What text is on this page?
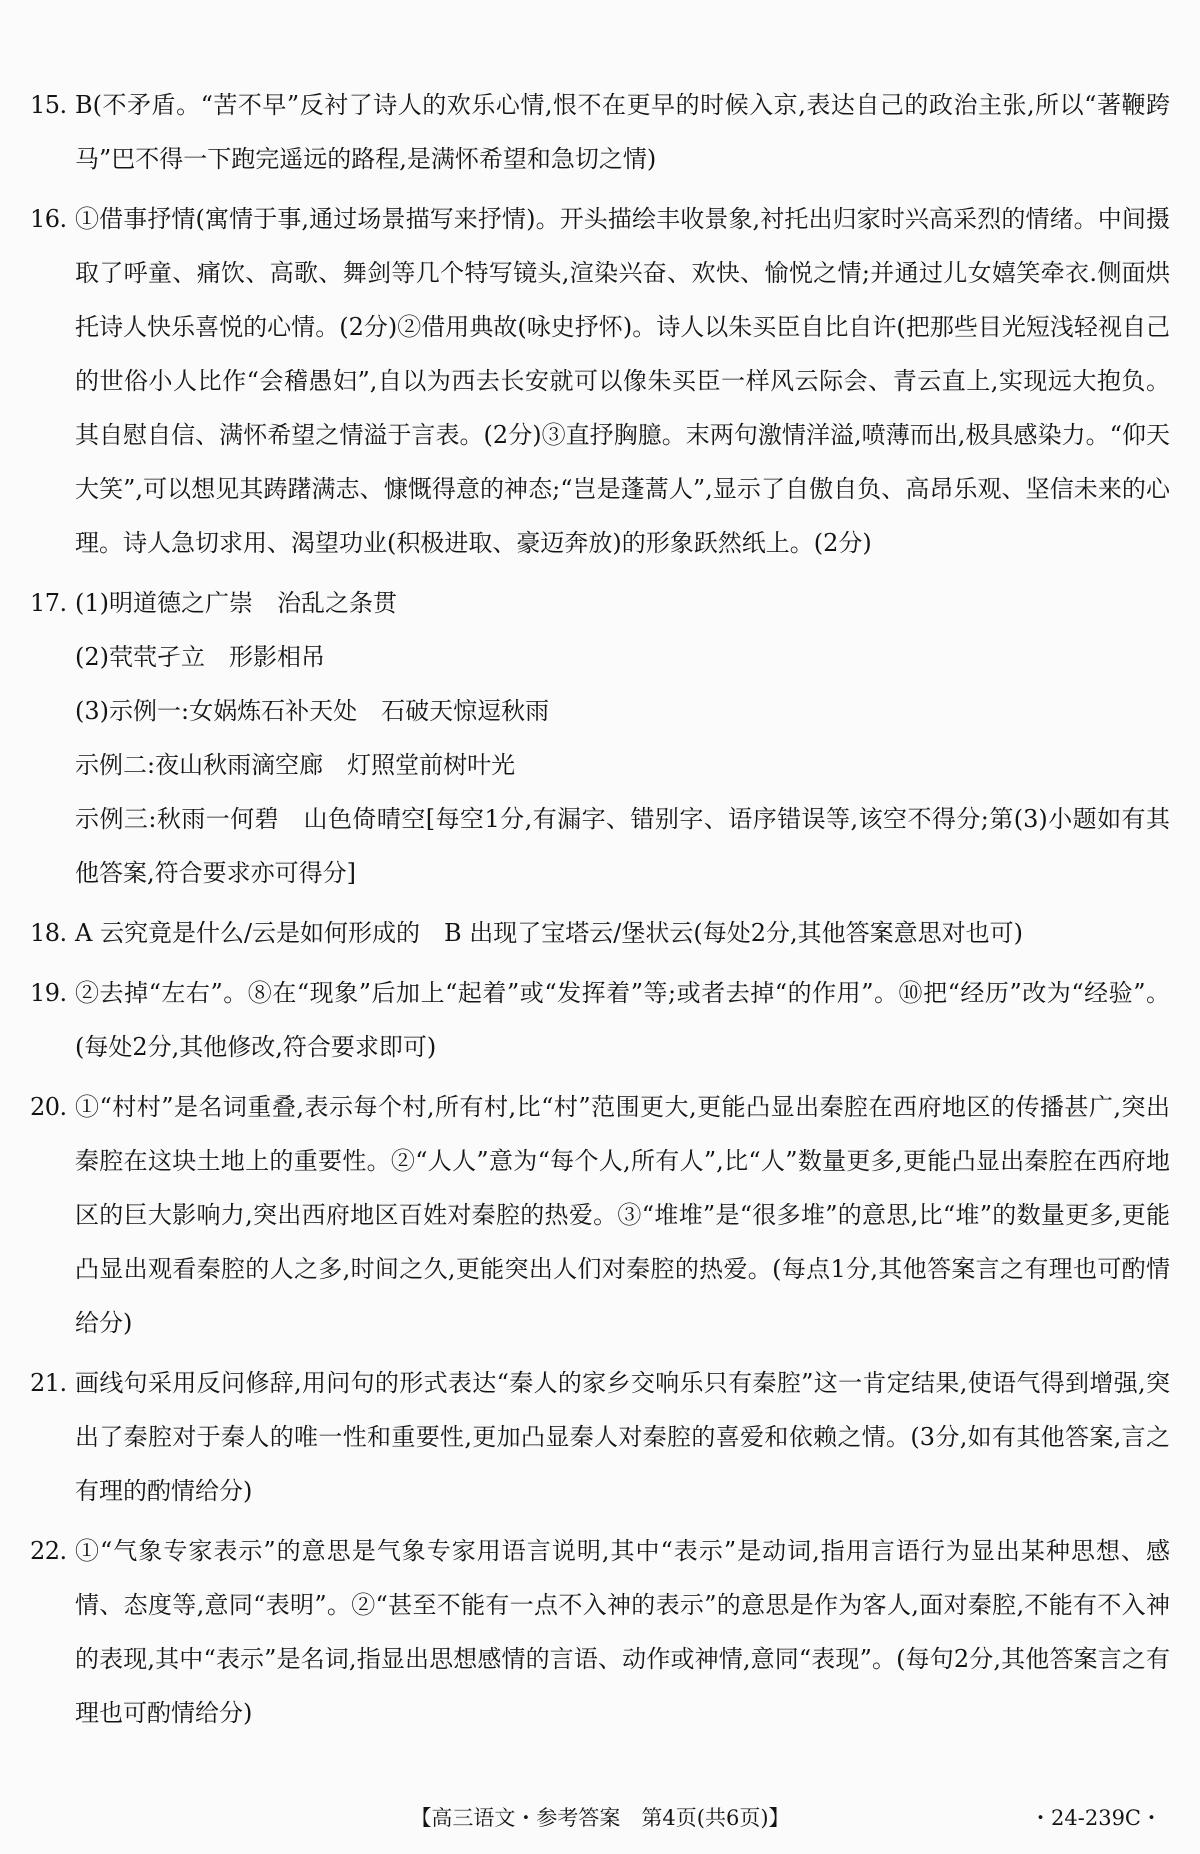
15. B(不矛盾。“苦不早”反衬了诗人的欢乐心情,恨不在更早的时候入京,表达自己的政治主张,所以“著鞭跨马”巴不得一下跑完遥远的路程,是满怀希望和急切之情)

16. ①借事抒情(寓情于事,通过场景描写来抒情)。开头描绘丰收景象,衬托出归家时兴高采烈的情绪。中间摄取了呼童、痛饮、高歌、舞剑等几个特写镜头,渲染兴奋、欢快、愉悦之情;并通过儿女嬉笑牵衣.侧面烘托诗人快乐喜悦的心情。(2分)②借用典故(咏史抒怀)。诗人以朱买臣自比自许(把那些目光短浅轻视自己的世俗小人比作“会稽愚妇”,自以为西去长安就可以像朱买臣一样风云际会、青云直上,实现远大抱负。其自慰自信、满怀希望之情溢于言表。(2分)③直抒胸臆。末两句激情洋溢,喷薄而出,极具感染力。“仰天大笑”,可以想见其踌躇满志、慷慨得意的神态;“岂是蓬蒿人”,显示了自傲自负、高昂乐观、坚信未来的心理。诗人急切求用、渴望功业(积极进取、豪迈奔放)的形象跃然纸上。(2分)

17. (1)明道德之广崇　治乱之条贯

(2)茕茕孑立　形影相吊

(3)示例一:女娲炼石补天处　石破天惊逗秋雨

示例二:夜山秋雨滴空廊　灯照堂前树叶光

示例三:秋雨一何碧　山色倚晴空[每空1分,有漏字、错别字、语序错误等,该空不得分;第(3)小题如有其他答案,符合要求亦可得分]

18. A 云究竟是什么/云是如何形成的　B 出现了宝塔云/堡状云(每处2分,其他答案意思对也可)

19. ②去掉“左右”。⑧在“现象”后加上“起着”或“发挥着”等;或者去掉“的作用”。⑩把“经历”改为“经验”。(每处2分,其他修改,符合要求即可)

20. ①“村村”是名词重叠,表示每个村,所有村,比“村”范围更大,更能凸显出秦腔在西府地区的传播甚广,突出秦腔在这块土地上的重要性。②“人人”意为“每个人,所有人”,比“人”数量更多,更能凸显出秦腔在西府地区的巨大影响力,突出西府地区百姓对秦腔的热爱。③“堆堆”是“很多堆”的意思,比“堆”的数量更多,更能凸显出观看秦腔的人之多,时间之久,更能突出人们对秦腔的热爱。(每点1分,其他答案言之有理也可酌情给分)

21. 画线句采用反问修辞,用问句的形式表达“秦人的家乡交响乐只有秦腔”这一肯定结果,使语气得到增强,突出了秦腔对于秦人的唯一性和重要性,更加凸显秦人对秦腔的喜爱和依赖之情。(3分,如有其他答案,言之有理的酌情给分)

22. ①“气象专家表示”的意思是气象专家用语言说明,其中“表示”是动词,指用言语行为显出某种思想、感情、态度等,意同“表明”。②“甚至不能有一点不入神的表示”的意思是作为客人,面对秦腔,不能有不入神的表现,其中“表示”是名词,指显出思想感情的言语、动作或神情,意同“表现”。(每句2分,其他答案言之有理也可酌情给分)

【高三语文・参考答案　第4页(共6页)】	・24-239C・
